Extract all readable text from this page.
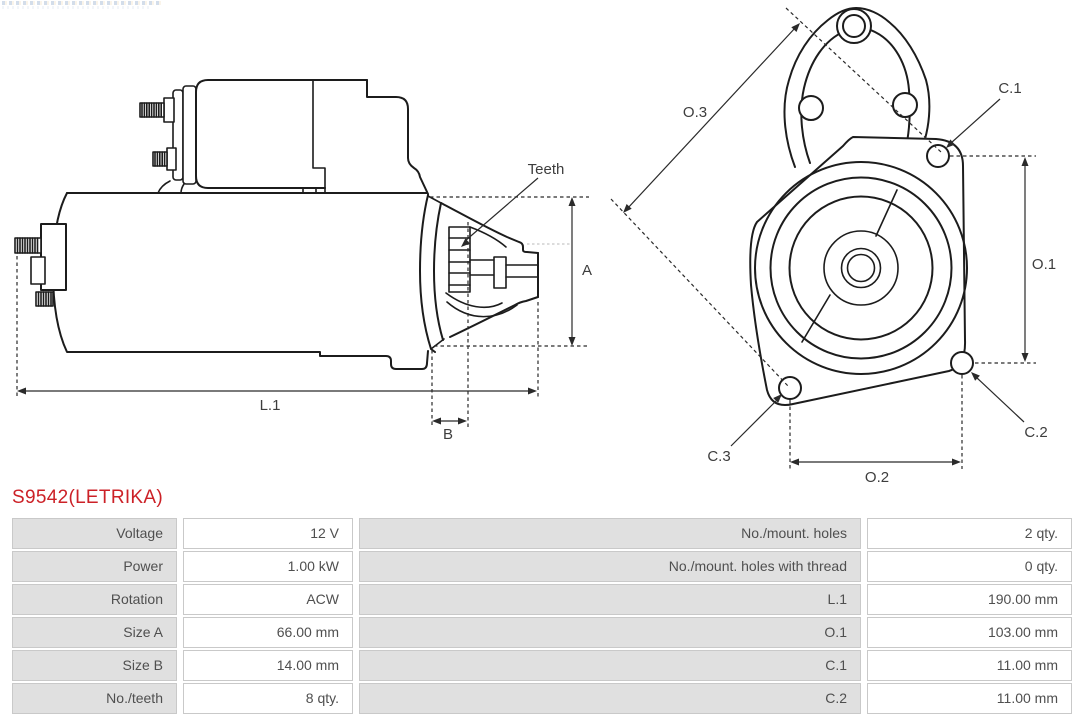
Teeth
A
B
L.1
O.3
C.1
O.1
C.3
O.2
C.2
S9542(LETRIKA)
Voltage	12 V	No./mount. holes	2 qty.
Power	1.00 kW	No./mount. holes with thread	0 qty.
Rotation	ACW	L.1	190.00 mm
Size A	66.00 mm	O.1	103.00 mm
Size B	14.00 mm	C.1	11.00 mm
No./teeth	8 qty.	C.2	11.00 mm
